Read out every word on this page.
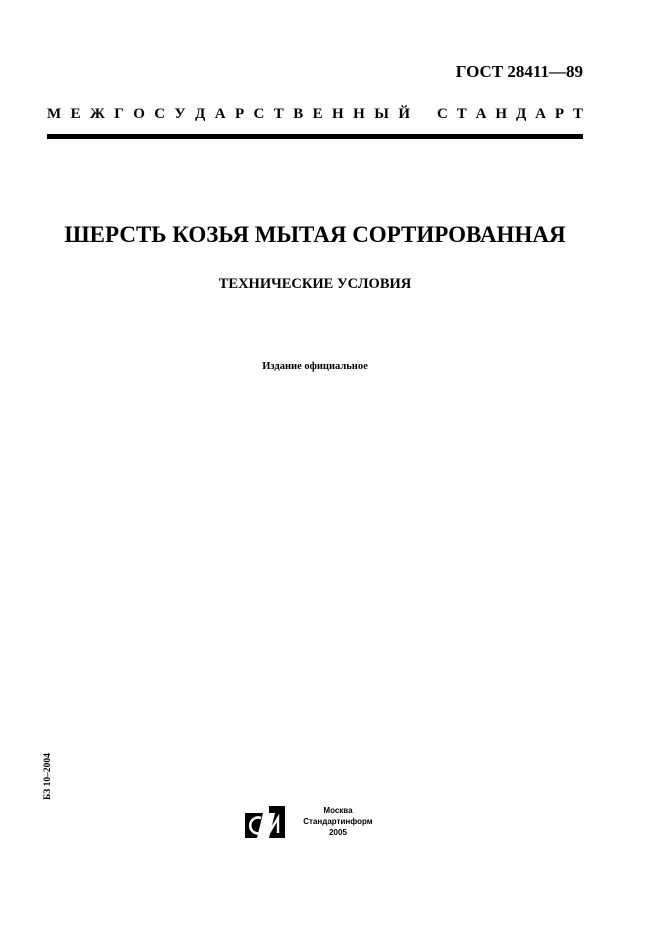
ГОСТ 28411—89
М Е Ж Г О С У Д А Р С Т В Е Н Н Ы Й С Т А Н Д А Р Т
ШЕРСТЬ КОЗЬЯ МЫТАЯ СОРТИРОВАННАЯ
ТЕХНИЧЕСКИЕ УСЛОВИЯ
Издание официальное
БЗ 10–2004
Москва
Стандартинформ
2005
